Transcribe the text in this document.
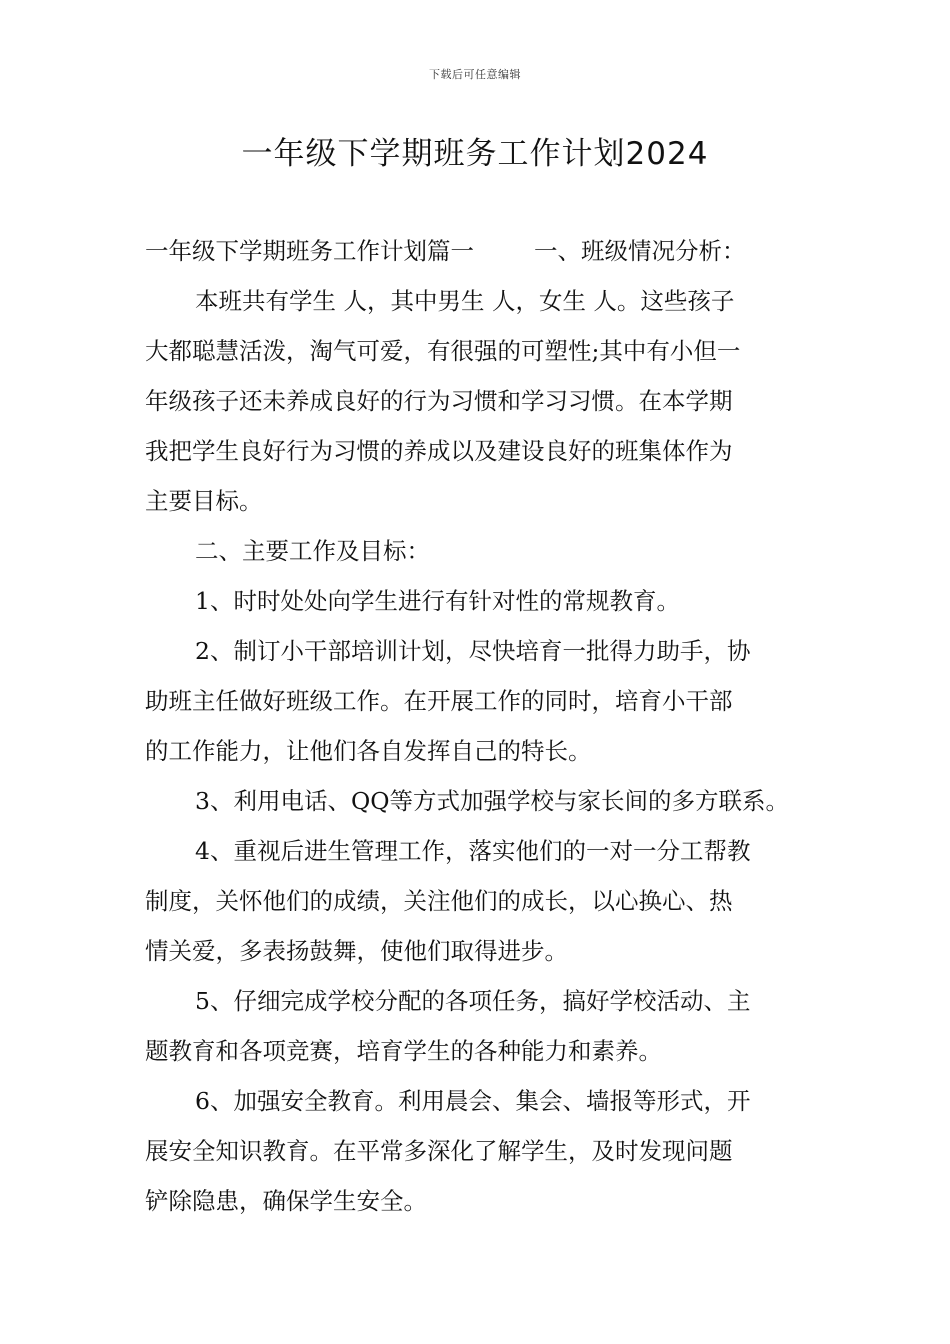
下载后可任意编辑
一年级下学期班务工作计划2024
一年级下学期班务工作计划篇一	一、班级情况分析：
本班共有学生 人，其中男生 人，女生 人。这些孩子
大都聪慧活泼，淘气可爱，有很强的可塑性;其中有小但一
年级孩子还未养成良好的行为习惯和学习习惯。在本学期
我把学生良好行为习惯的养成以及建设良好的班集体作为
主要目标。
二、主要工作及目标：
1、时时处处向学生进行有针对性的常规教育。
2、制订小干部培训计划，尽快培育一批得力助手，协
助班主任做好班级工作。在开展工作的同时，培育小干部
的工作能力，让他们各自发挥自己的特长。
3、利用电话、QQ等方式加强学校与家长间的多方联系。
4、重视后进生管理工作，落实他们的一对一分工帮教
制度，关怀他们的成绩，关注他们的成长，以心换心、热
情关爱，多表扬鼓舞，使他们取得进步。
5、仔细完成学校分配的各项任务，搞好学校活动、主
题教育和各项竞赛，培育学生的各种能力和素养。
6、加强安全教育。利用晨会、集会、墙报等形式，开
展安全知识教育。在平常多深化了解学生，及时发现问题
铲除隐患，确保学生安全。
